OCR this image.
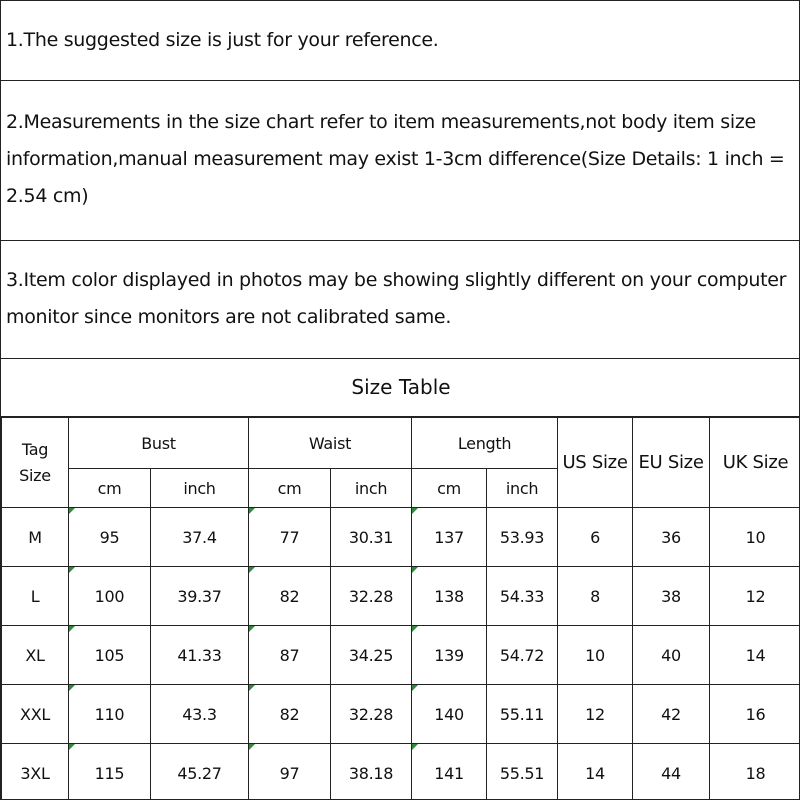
1.The suggested size is just for your reference.
2.Measurements in the size chart refer to item measurements,not body item size
information,manual measurement may exist 1-3cm difference(Size Details: 1 inch =
2.54 cm)
3.Item color displayed in photos may be showing slightly different on your computer
monitor since monitors are not calibrated same.
Size Table
Tag
Size	Bust		Waist		Length		US Size	EU Size	UK Size
	cm	inch	cm	inch	cm	inch			
M	95	37.4	77	30.31	137	53.93	6	36	10
L	100	39.37	82	32.28	138	54.33	8	38	12
XL	105	41.33	87	34.25	139	54.72	10	40	14
XXL	110	43.3	82	32.28	140	55.11	12	42	16
3XL	115	45.27	97	38.18	141	55.51	14	44	18
